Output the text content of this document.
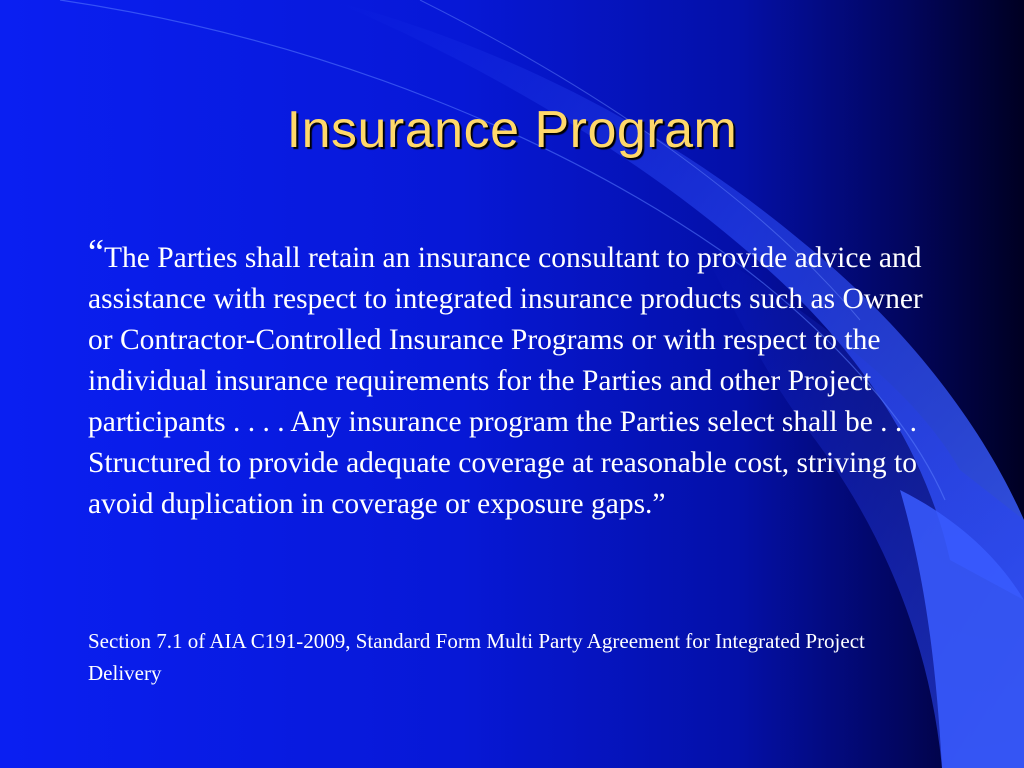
Insurance Program

“The Parties shall retain an insurance consultant to provide advice and assistance with respect to integrated insurance products such as Owner or Contractor-Controlled Insurance Programs or with respect to the individual insurance requirements for the Parties and other Project participants . . . . Any insurance program the Parties select shall be . . . Structured to provide adequate coverage at reasonable cost, striving to avoid duplication in coverage or exposure gaps.”

Section 7.1 of AIA C191-2009, Standard Form Multi Party Agreement for Integrated Project Delivery
